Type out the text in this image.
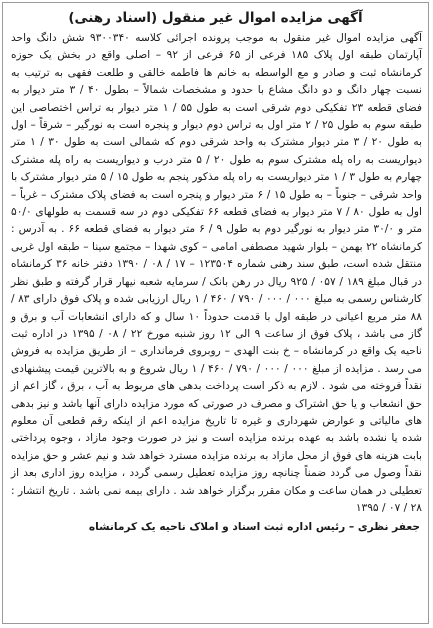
آگهی مزایده اموال غیر منقول (اسناد رهنی)
آگهی مزایده اموال غیر منقول به موجب پرونده اجرائی کلاسه ۹۳۰۰۳۴۰ شش دانگ واحد آپارتمان طبقه اول پلاک ۱۸۵ فرعی از ۶۵ فرعی از ۹۲ – اصلی واقع در بخش یک حوزه کرمانشاه ثبت و صادر و مع الواسطه به خانم ها فاطمه خالقی و طلعت فقهی به ترتیب به نسبت چهار دانگ و دو دانگ مشاع با حدود و مشخصات شمالاً – بطول ۴۰ / ۳ متر دیوار به فضای قطعه ۲۳ تفکیکی دوم شرقی است به طول ۵۵ / ۱ متر دیوار به تراس اختصاصی این طبقه سوم به طول ۲۵ / ۲ متر اول به تراس دوم دیوار و پنجره است به نورگیر – شرقاً – اول به طول ۲۰ / ۳ متر دیوار مشترک به واحد شرقی دوم که شمالی است به طول ۳۰ / ۱ متر دیواریست به راه پله مشترک سوم به طول ۲۰ / ۵ متر درب و دیواریست به راه پله مشترک چهارم به طول ۳ / ۱ متر دیواریست به راه پله مذکور پنجم به طول ۱۵ / ۵ متر دیوار مشترک با واحد شرقی – جنوباً – به طول ۱۵ / ۶ متر دیوار و پنجره است به فضای پلاک مشترک – غرباً – اول به طول ۸۰ / ۷ متر دیوار به فضای قطعه ۶۶ تفکیکی دوم در سه قسمت به طولهای ۵۰/۰ متر و ۳۰/۰ متر دیوار به نورگیر دوم به طول ۹ / ۶ متر دیوار به فضای قطعه ۶۶ . به آدرس : کرمانشاه ۲۲ بهمن – بلوار شهید مصطفی امامی – کوی شهدا – مجتمع سینا – طبقه اول غربی منتقل شده است، طبق سند رهنی شماره ۱۲۳۵۰۴ – ۱۷ / ۰۸ / ۱۳۹۰ دفتر خانه ۳۶ کرمانشاه در قبال مبلغ ۱۸۹ / ۰۵۷ / ۹۲۵ ریال در رهن بانک / سرمایه شعبه نیهار قرار گرفته و طبق نظر کارشناس رسمی به مبلغ ۰۰۰ / ۰۰۰ / ۷۹۰ / ۴۶۰ / ۱ ریال ارزیابی شده و پلاک فوق دارای ۸۳ / ۸۸ متر مربع اعیانی در طبقه اول با قدمت حدوداً ۱۰ سال و که دارای انشعابات آب و برق و گاز می باشد ، پلاک فوق از ساعت ۹ الی ۱۲ روز شنبه مورخ ۲۲ / ۰۸ / ۱۳۹۵ در اداره ثبت ناحیه یک واقع در کرمانشاه – خ بنت الهدی – روبروی فرمانداری – از طریق مزایده به فروش می رسد . مزایده از مبلغ ۰۰۰ / ۰۰۰ / ۷۹۰ / ۴۶۰ / ۱ ریال شروع و به بالاترین قیمت پیشنهادی نقداً فروخته می شود . لازم به ذکر است پرداخت بدهی های مربوط به آب ، برق ، گاز اعم از حق انشعاب و یا حق اشتراک و مصرف در صورتی که مورد مزایده دارای آنها باشد و نیز بدهی های مالیاتی و عوارض شهرداری و غیره تا تاریخ مزایده اعم از اینکه رقم قطعی آن معلوم شده یا نشده باشد به عهده برنده مزایده است و نیز در صورت وجود مازاد ، وجوه پرداختی بابت هزینه های فوق از محل مازاد به برنده مزایده مسترد خواهد شد و نیم عشر و حق مزایده نقداً وصول می گردد ضمناً چنانچه روز مزایده تعطیل رسمی گردد ، مزایده روز اداری بعد از تعطیلی در همان ساعت و مکان مقرر برگزار خواهد شد . دارای بیمه نمی باشد . تاریخ انتشار : ۲۸ / ۰۷ / ۱۳۹۵
جعفر نظری – رئیس اداره ثبت اسناد و املاک ناحیه یک کرمانشاه
